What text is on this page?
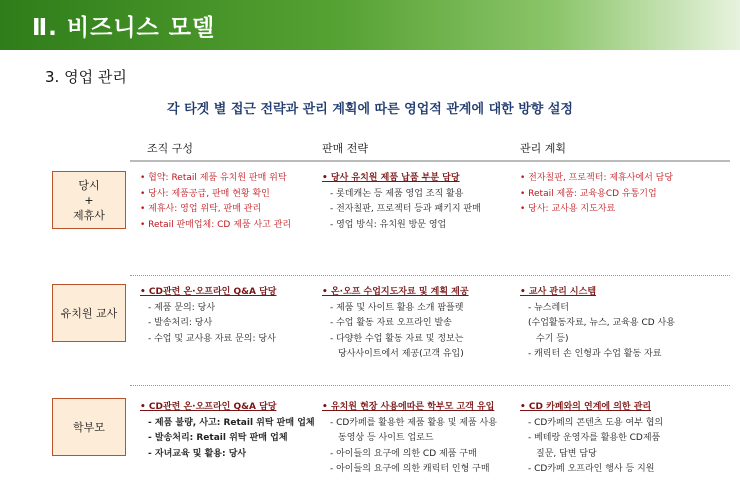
Ⅱ. 비즈니스 모델
3. 영업 관리
각 타겟 별 접근 전략과 관리 계획에 따른 영업적 관계에 대한 방향 설정
조직 구성	판매 전략	관리 계획
당시
+
제휴사
• 협약: Retail 제품 유치원 판매 위탁
• 당사: 제품공급, 판매 현황 확인
• 제휴사: 영업 위탁, 판매 관리
• Retail 판매업체: CD 제품 사고 관리
• 당사 유치원 제품 납품 부분 담당
- 롯데캐논 등 제품 영업 조직 활용
- 전자칠판, 프로젝터 등과 패키지 판매
- 영업 방식: 유치원 방문 영업
• 전자칠판, 프로젝터: 제휴사에서 담당
• Retail 제품: 교육용CD 유통기업
• 당사: 교사용 지도자료
유치원 교사
• CD관련 온·오프라인 Q&A 담당
- 제품 문의: 당사
- 발송처리: 당사
- 수업 및 교사용 자료 문의: 당사
• 온·오프 수업지도자료 및 계획 제공
- 제품 및 사이트 활용 소개 팜플렛
- 수업 활동 자료 오프라인 발송
- 다양한 수업 활동 자료 및 정보는
당사사이트에서 제공(고객 유입)
• 교사 관리 시스템
- 뉴스레터
(수업활동자료, 뉴스, 교육용 CD 사용
수기 등)
- 캐릭터 손 인형과 수업 활동 자료
학부모
• CD관련 온·오프라인 Q&A 담당
- 제품 불량, 사고: Retail 위탁 판매 업체
- 발송처리: Retail 위탁 판매 업체
- 자녀교육 및 활용: 당사
• 유치원 현장 사용에따른 학부모 고객 유입
- CD카페를 활용한 제품 활용 및 제품 사용
동영상 등 사이트 업로드
- 아이들의 요구에 의한 CD 제품 구매
- 아이들의 요구에 의한 캐릭터 인형 구매
• CD 카페와의 연계에 의한 관리
- CD카페의 콘텐츠 도용 여부 협의
- 베테랑 운영자를 활용한 CD제품
질문, 답변 담당
- CD카페 오프라인 행사 등 지원
